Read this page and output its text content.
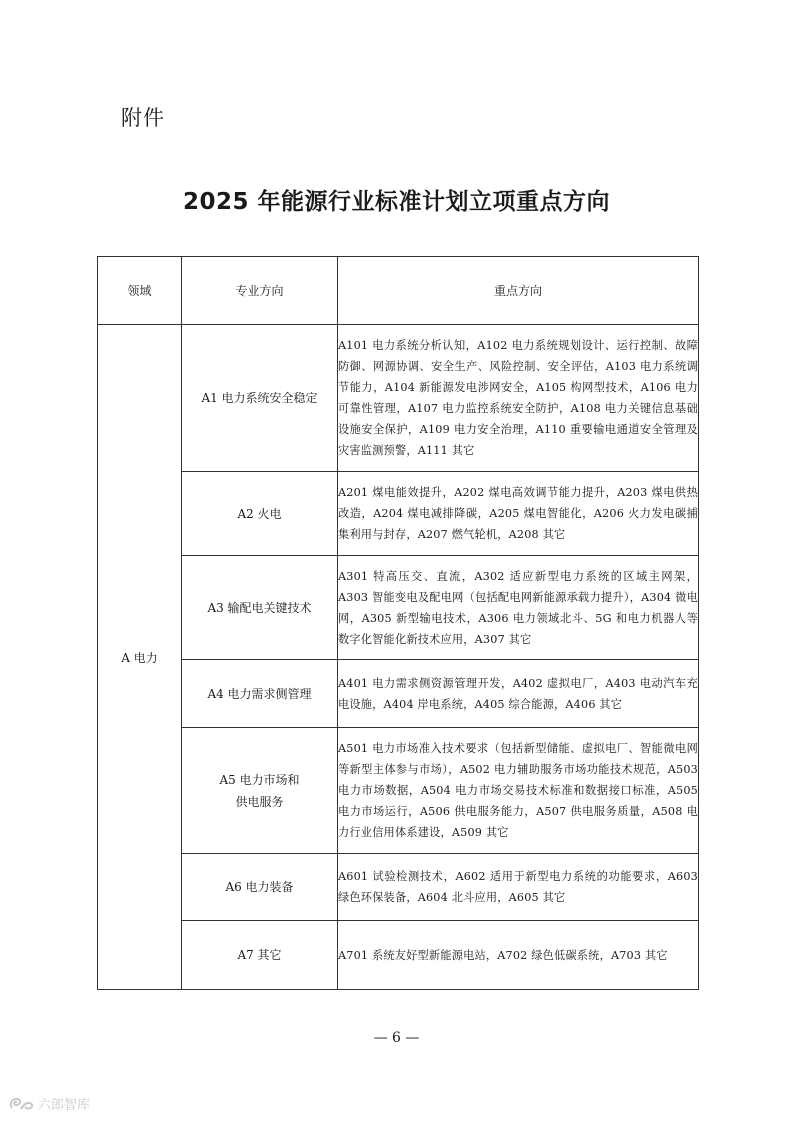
附件
2025 年能源行业标准计划立项重点方向
领域	专业方向	重点方向
A 电力	A1 电力系统安全稳定	A101 电力系统分析认知，A102 电力系统规划设计、运行控制、故障防御、网源协调、安全生产、风险控制、安全评估，A103 电力系统调节能力，A104 新能源发电涉网安全，A105 构网型技术，A106 电力可靠性管理，A107 电力监控系统安全防护，A108 电力关键信息基础设施安全保护，A109 电力安全治理，A110 重要输电通道安全管理及灾害监测预警，A111 其它
	A2 火电	A201 煤电能效提升，A202 煤电高效调节能力提升，A203 煤电供热改造，A204 煤电减排降碳，A205 煤电智能化，A206 火力发电碳捕集利用与封存，A207 燃气轮机，A208 其它
	A3 输配电关键技术	A301 特高压交、直流，A302 适应新型电力系统的区域主网架，A303 智能变电及配电网（包括配电网新能源承载力提升），A304 微电网，A305 新型输电技术，A306 电力领域北斗、5G 和电力机器人等数字化智能化新技术应用，A307 其它
	A4 电力需求侧管理	A401 电力需求侧资源管理开发，A402 虚拟电厂，A403 电动汽车充电设施，A404 岸电系统，A405 综合能源，A406 其它

	A5 电力市场和
供电服务	A501 电力市场准入技术要求（包括新型储能、虚拟电厂、智能微电网等新型主体参与市场），A502 电力辅助服务市场功能技术规范，A503 电力市场数据，A504 电力市场交易技术标准和数据接口标准，A505 电力市场运行，A506 供电服务能力，A507 供电服务质量，A508 电力行业信用体系建设，A509 其它
	A6 电力装备	A601 试验检测技术，A602 适用于新型电力系统的功能要求，A603 绿色环保装备，A604 北斗应用，A605 其它
	A7 其它	A701 系统友好型新能源电站，A702 绿色低碳系统，A703 其它
— 6 —
六郎智库
